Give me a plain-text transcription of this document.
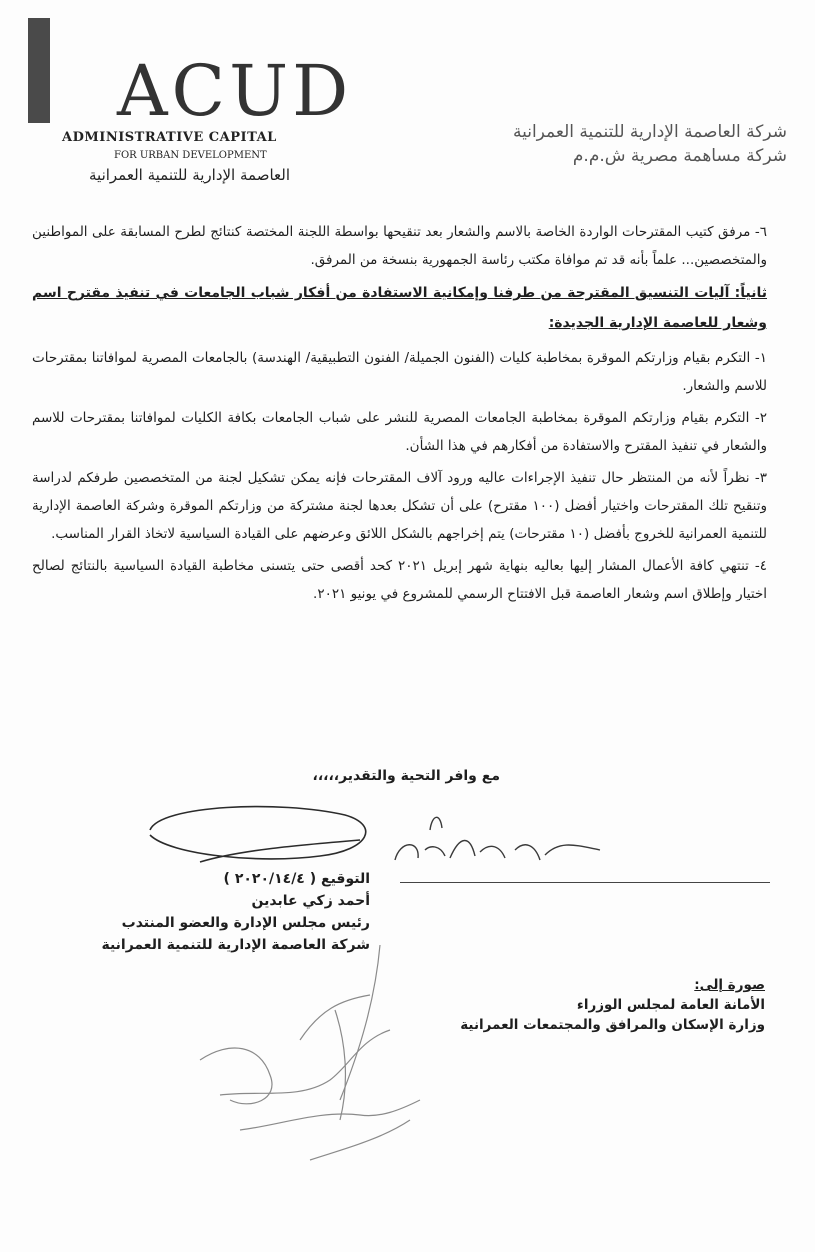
ACUD
ADMINISTRATIVE CAPITAL
FOR URBAN DEVELOPMENT
العاصمة الإدارية للتنمية العمرانية
شركة العاصمة الإدارية للتنمية العمرانية
شركة مساهمة مصرية ش.م.م

٦- مرفق كتيب المقترحات الواردة الخاصة بالاسم والشعار بعد تنقيحها بواسطة اللجنة المختصة كنتائج لطرح المسابقة على المواطنين والمتخصصين... علماً بأنه قد تم موافاة مكتب رئاسة الجمهورية بنسخة من المرفق.

ثانياً: آليات التنسيق المقترحة من طرفنا وإمكانية الاستفادة من أفكار شباب الجامعات في تنفيذ مقترح اسم وشعار للعاصمة الإدارية الجديدة:

١- التكرم بقيام وزارتكم الموقرة بمخاطبة كليات (الفنون الجميلة/ الفنون التطبيقية/ الهندسة) بالجامعات المصرية لموافاتنا بمقترحات للاسم والشعار.

٢- التكرم بقيام وزارتكم الموقرة بمخاطبة الجامعات المصرية للنشر على شباب الجامعات بكافة الكليات لموافاتنا بمقترحات للاسم والشعار في تنفيذ المقترح والاستفادة من أفكارهم في هذا الشأن.

٣- نظراً لأنه من المنتظر حال تنفيذ الإجراءات عاليه ورود آلاف المقترحات فإنه يمكن تشكيل لجنة من المتخصصين طرفكم لدراسة وتنقيح تلك المقترحات واختيار أفضل (١٠٠ مقترح) على أن تشكل بعدها لجنة مشتركة من وزارتكم الموقرة وشركة العاصمة الإدارية للتنمية العمرانية للخروج بأفضل (١٠ مقترحات) يتم إخراجهم بالشكل اللائق وعرضهم على القيادة السياسية لاتخاذ القرار المناسب.

٤- تنتهي كافة الأعمال المشار إليها بعاليه بنهاية شهر إبريل ٢٠٢١ كحد أقصى حتى يتسنى مخاطبة القيادة السياسية بالنتائج لصالح اختيار وإطلاق اسم وشعار العاصمة قبل الافتتاح الرسمي للمشروع في يونيو ٢٠٢١.

مع وافر التحية والتقدير،،،،،
التوقيع ( ٢٠٢٠/١٤/٤ )
أحمد زكي عابدين
رئيس مجلس الإدارة والعضو المنتدب
شركة العاصمة الإدارية للتنمية العمرانية
صورة إلى:
الأمانة العامة لمجلس الوزراء
وزارة الإسكان والمرافق والمجتمعات العمرانية
